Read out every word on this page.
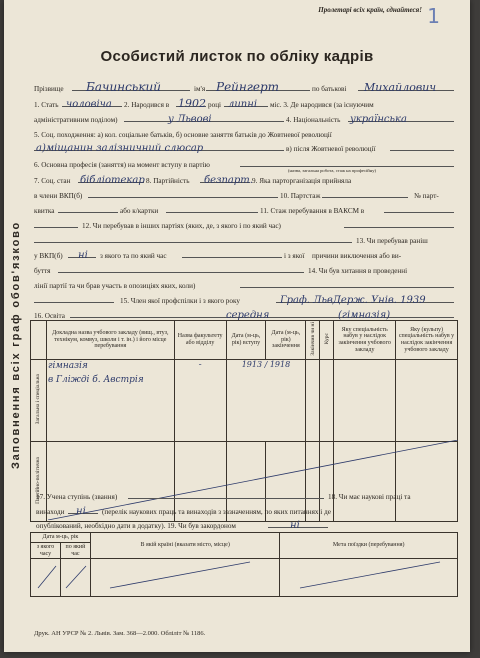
Пролетарі всіх країн, єднайтеся! 1
Особистий листок по обліку кадрів
Заповнення всіх граф обов'язково
Прізвище Бачинський	ім'я Рейнгерт	по батькові Михайлович
1. Стать чоловіча 2. Народився в 1902 році липні міс. 3. Де народився (за існуючим
адміністративним поділом)	у Львові	4. Національність українська
5. Соц. походження: а) кол. соціальне батьків, б) основне заняття батьків до Жовтневої революції
а)міщанин залізничний слюсар	в) після Жовтневої революції
6. Основна професія (заняття) на момент вступу в партію
(назва, загальна робота, стаж на професійну)
7. Соц. стан бібліотекар 8. Партійність безпарт. 9. Яка парторганізація прийняла
в члени ВКП(б)	10. Партстаж	№ парт-
квитка	або к/картки	11. Стаж перебування в ВАКСМ в
12. Чи перебував в інших партіях (яких, де, з якого і по який час)
13. Чи перебував раніш
у ВКП(б) ні з якого та по який час	і з якої причини виключення або ви-
буття	14. Чи був хитання в проведенні
лінії партії та чи брав участь в опозиціях яких, коли)
15. Член якої профспілки і з якого року	Граф. ЛьвДерж. Унів. 1939
16. Освіта	середня	(гімназія)
	Докладна назва учбового закладу (вищ., втуз, технікум, комвуз, школи і т. ін.) і його місце перебування	Назва факультету або відділу	Дата (м-ць, рік) вступу	Дата (м-ць, рік) закінчення	Закінчив чи ні	Курс	Яку спеціальність набув у наслідок закінчення учбового закладу	Яку (кульпу) спеціальність набув у наслідок закінчення учбового закладу
Загальна і спеціальна	гімназія
в Гліжді б. Австрія	-	1913 / 1918					
Партійно-політична								
17. Учена ступінь (звання)	18. Чи має наукові праці та
винаходи ні (перелік наукових праць та винаходів з зазначенням, по яких питаннях і де
опублікований, необхідно дати в додатку). 19. Чи був закордоном	ні
Дата м-ць, рік		В якій країні (вказати місто, місце)	Мета поїздки (перебування)
з якого часу	по який час		

Друк. АН УРСР № 2. Львів. Зам. 368—2.000. Обліліт № 1186.
